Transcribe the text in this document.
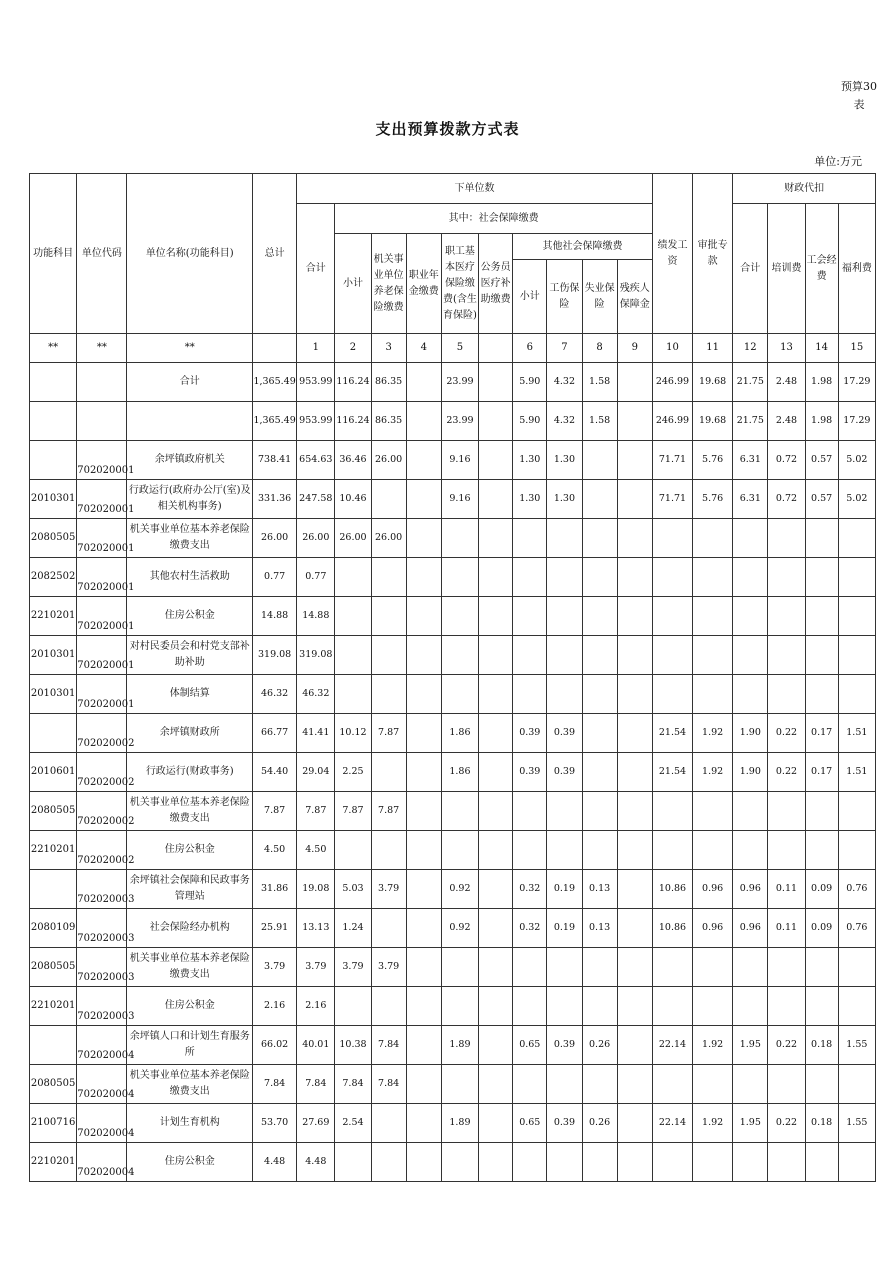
预算30
表
支出预算拨款方式表
单位:万元
功能科目	单位代码	单位名称(功能科目)	总计	下单位数										绩发工资	审批专款	财政代扣			
				合计	其中：社会保障缴费											合计	培训费	工会经费	福利费
					小计	机关事业单位养老保险缴费	职业年金缴费	职工基本医疗保险缴费(含生育保险)	公务员医疗补助缴费	其他社会保障缴费									
										小计	工伤保险	失业保险	残疾人保障金						
**	**	**		1	2	3	4	5		6	7	8	9	10	11	12	13	14	15
		合计	1,365.49	953.99	116.24	86.35		23.99		5.90	4.32	1.58		246.99	19.68	21.75	2.48	1.98	17.29
			1,365.49	953.99	116.24	86.35		23.99		5.90	4.32	1.58		246.99	19.68	21.75	2.48	1.98	17.29
	702020001	余坪镇政府机关	738.41	654.63	36.46	26.00		9.16		1.30	1.30			71.71	5.76	6.31	0.72	0.57	5.02
2010301	702020001	行政运行(政府办公厅(室)及相关机构事务)	331.36	247.58	10.46			9.16		1.30	1.30			71.71	5.76	6.31	0.72	0.57	5.02
2080505	702020001	机关事业单位基本养老保险缴费支出	26.00	26.00	26.00	26.00													
2082502	702020001	其他农村生活救助	0.77	0.77															
2210201	702020001	住房公积金	14.88	14.88															
2010301	702020001	对村民委员会和村党支部补助补助	319.08	319.08															
2010301	702020001	体制结算	46.32	46.32															
	702020002	余坪镇财政所	66.77	41.41	10.12	7.87		1.86		0.39	0.39			21.54	1.92	1.90	0.22	0.17	1.51
2010601	702020002	行政运行(财政事务)	54.40	29.04	2.25			1.86		0.39	0.39			21.54	1.92	1.90	0.22	0.17	1.51
2080505	702020002	机关事业单位基本养老保险缴费支出	7.87	7.87	7.87	7.87													
2210201	702020002	住房公积金	4.50	4.50															
	702020003	余坪镇社会保障和民政事务管理站	31.86	19.08	5.03	3.79		0.92		0.32	0.19	0.13		10.86	0.96	0.96	0.11	0.09	0.76
2080109	702020003	社会保险经办机构	25.91	13.13	1.24			0.92		0.32	0.19	0.13		10.86	0.96	0.96	0.11	0.09	0.76
2080505	702020003	机关事业单位基本养老保险缴费支出	3.79	3.79	3.79	3.79													
2210201	702020003	住房公积金	2.16	2.16															
	702020004	余坪镇人口和计划生育服务所	66.02	40.01	10.38	7.84		1.89		0.65	0.39	0.26		22.14	1.92	1.95	0.22	0.18	1.55
2080505	702020004	机关事业单位基本养老保险缴费支出	7.84	7.84	7.84	7.84													
2100716	702020004	计划生育机构	53.70	27.69	2.54			1.89		0.65	0.39	0.26		22.14	1.92	1.95	0.22	0.18	1.55
2210201	702020004	住房公积金	4.48	4.48															
